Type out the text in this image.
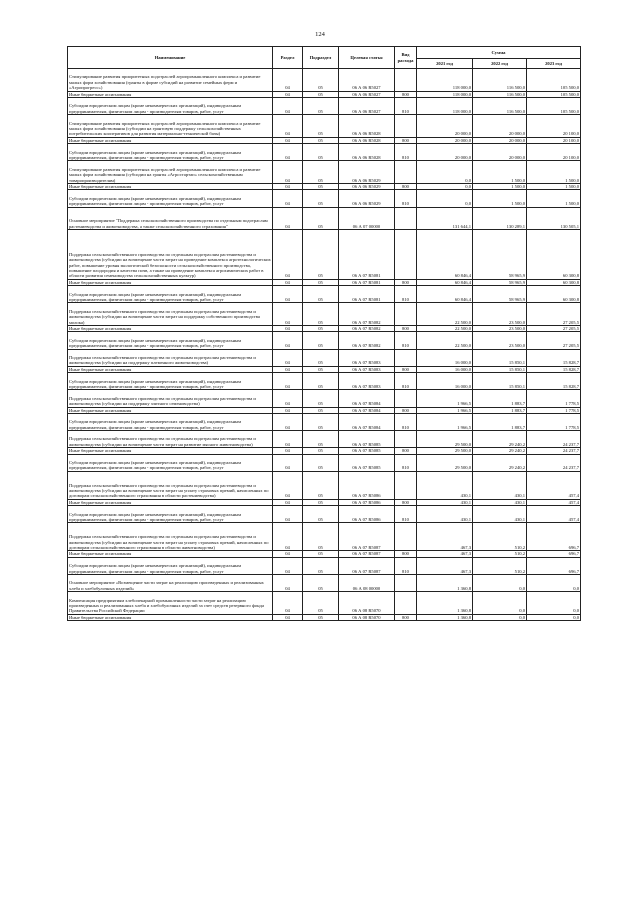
124
Наименование	Раздел	Подраздел	Целевая статья	Вид расхода	Сумма		
					2021 год	2022 год	2023 год
Стимулирование развития приоритетных подотраслей агропромышленного комплекса и развитие малых форм хозяйствования (гранты в форме субсидий на развитие семейных ферм и «Агропрогресс»)	04	05	06 А 06 R5027		118 000,0	116 500,0	105 500,0
Иные бюджетные ассигнования	04	05	06 А 06 R5027	800	118 000,0	116 500,0	105 500,0
Субсидии юридическим лицам (кроме некоммерческих организаций), индивидуальным предпринимателям, физическим лицам - производителям товаров, работ, услуг	04	05	06 А 06 R5027	810	118 000,0	116 500,0	105 500,0
Стимулирование развития приоритетных подотраслей агропромышленного комплекса и развитие малых форм хозяйствования (субсидии на грантовую поддержку сельскохозяйственных потребительских кооперативов для развития материально-технической базы)	04	05	06 А 06 R5028		20 000,0	20 000,0	20 100,0
Иные бюджетные ассигнования	04	05	06 А 06 R5028	800	20 000,0	20 000,0	20 100,0
Субсидии юридическим лицам (кроме некоммерческих организаций), индивидуальным предпринимателям, физическим лицам - производителям товаров, работ, услуг	04	05	06 А 06 R5028	810	20 000,0	20 000,0	20 100,0
Стимулирование развития приоритетных подотраслей агропромышленного комплекса и развитие малых форм хозяйствования (субсидии на гранты «Агростартап» сельскохозяйственным товаропроизводителям)	04	05	06 А 06 R5029		0,0	1 500,0	1 500,0
Иные бюджетные ассигнования	04	05	06 А 06 R5029	800	0,0	1 500,0	1 500,0
Субсидии юридическим лицам (кроме некоммерческих организаций), индивидуальным предпринимателям, физическим лицам - производителям товаров, работ, услуг	04	05	06 А 06 R5029	810	0,0	1 500,0	1 500,0
Основное мероприятие "Поддержка сельскохозяйственного производства по отдельным подотраслям растениеводства и животноводства, а также сельскохозяйственного страхования"	04	05	06 А 07 00000		131 644,1	130 289,1	130 505,1
Поддержка сельскохозяйственного производства по отдельным подотраслям растениеводства и животноводства (субсидии на возмещение части затрат на проведение комплекса агротехнологических работ, повышение уровня экологической безопасности сельскохозяйственного производства, повышение плодородия и качества почв, а также на проведение комплекса агрохимических работ в области развития семеноводства сельскохозяйственных культур)	04	05	06 А 07 R5081		60 846,4	58 965,9	60 300,8
Иные бюджетные ассигнования	04	05	06 А 07 R5081	800	60 846,4	58 965,9	60 300,8
Субсидии юридическим лицам (кроме некоммерческих организаций), индивидуальным предпринимателям, физическим лицам - производителям товаров, работ, услуг	04	05	06 А 07 R5081	810	60 846,4	58 965,9	60 300,8
Поддержка сельскохозяйственного производства по отдельным подотраслям растениеводства и животноводства (субсидии на возмещение части затрат на поддержку собственного производства молока)	04	05	06 А 07 R5082		22 500,0	23 500,0	27 205,5
Иные бюджетные ассигнования	04	05	06 А 07 R5082	800	22 500,0	23 500,0	27 205,5
Субсидии юридическим лицам (кроме некоммерческих организаций), индивидуальным предпринимателям, физическим лицам - производителям товаров, работ, услуг	04	05	06 А 07 R5082	810	22 500,0	23 500,0	27 205,5
Поддержка сельскохозяйственного производства по отдельным подотраслям растениеводства и животноводства (субсидии на поддержку племенного животноводства)	04	05	06 А 07 R5083		16 000,0	15 850,1	15 828,7
Иные бюджетные ассигнования	04	05	06 А 07 R5083	800	16 000,0	15 850,1	15 828,7
Субсидии юридическим лицам (кроме некоммерческих организаций), индивидуальным предпринимателям, физическим лицам - производителям товаров, работ, услуг	04	05	06 А 07 R5083	810	16 000,0	15 850,1	15 828,7
Поддержка сельскохозяйственного производства по отдельным подотраслям растениеводства и животноводства (субсидии на поддержку элитного семеноводства)	04	05	06 А 07 R5084		1 966,5	1 883,7	1 778,5
Иные бюджетные ассигнования	04	05	06 А 07 R5084	800	1 966,5	1 883,7	1 778,5
Субсидии юридическим лицам (кроме некоммерческих организаций), индивидуальным предпринимателям, физическим лицам - производителям товаров, работ, услуг	04	05	06 А 07 R5084	810	1 966,5	1 883,7	1 778,5
Поддержка сельскохозяйственного производства по отдельным подотраслям растениеводства и животноводства (субсидии на возмещение части затрат на развитие мясного животноводства)	04	05	06 А 07 R5085		29 500,0	29 240,2	24 237,7
Иные бюджетные ассигнования	04	05	06 А 07 R5085	800	29 500,0	29 240,2	24 237,7
Субсидии юридическим лицам (кроме некоммерческих организаций), индивидуальным предпринимателям, физическим лицам - производителям товаров, работ, услуг	04	05	06 А 07 R5085	810	29 500,0	29 240,2	24 237,7
Поддержка сельскохозяйственного производства по отдельным подотраслям растениеводства и животноводства (субсидии на возмещение части затрат на уплату страховых премий, начисленных по договорам сельскохозяйственного страхования в области растениеводства)	04	05	06 А 07 R5086		430,1	430,1	457,4
Иные бюджетные ассигнования	04	05	06 А 07 R5086	800	430,1	430,1	457,4
Субсидии юридическим лицам (кроме некоммерческих организаций), индивидуальным предпринимателям, физическим лицам - производителям товаров, работ, услуг	04	05	06 А 07 R5086	810	430,1	430,1	457,4
Поддержка сельскохозяйственного производства по отдельным подотраслям растениеводства и животноводства (субсидии на возмещение части затрат на уплату страховых премий, начисленных по договорам сельскохозяйственного страхования в области животноводства)	04	05	06 А 07 R5087		467,3	510,2	696,7
Иные бюджетные ассигнования	04	05	06 А 07 R5087	800	467,3	510,2	696,7
Субсидии юридическим лицам (кроме некоммерческих организаций), индивидуальным предпринимателям, физическим лицам - производителям товаров, работ, услуг	04	05	06 А 07 R5087	810	467,3	510,2	696,7
Основное мероприятие «Возмещение части затрат на реализацию произведенных и реализованных хлеба и хлебобулочных изделий»	04	05	06 А 08 00000		1 360,8	0,0	0,0
Компенсация предприятиям хлебопекарной промышленности части затрат на реализацию произведенных и реализованных хлеба и хлебобулочных изделий за счет средств резервного фонда Правительства Российской Федерации	04	05	06 А 08 R5070		1 360,8	0,0	0,0
Иные бюджетные ассигнования	04	05	06 А 08 R5070	800	1 360,8	0,0	0,0
